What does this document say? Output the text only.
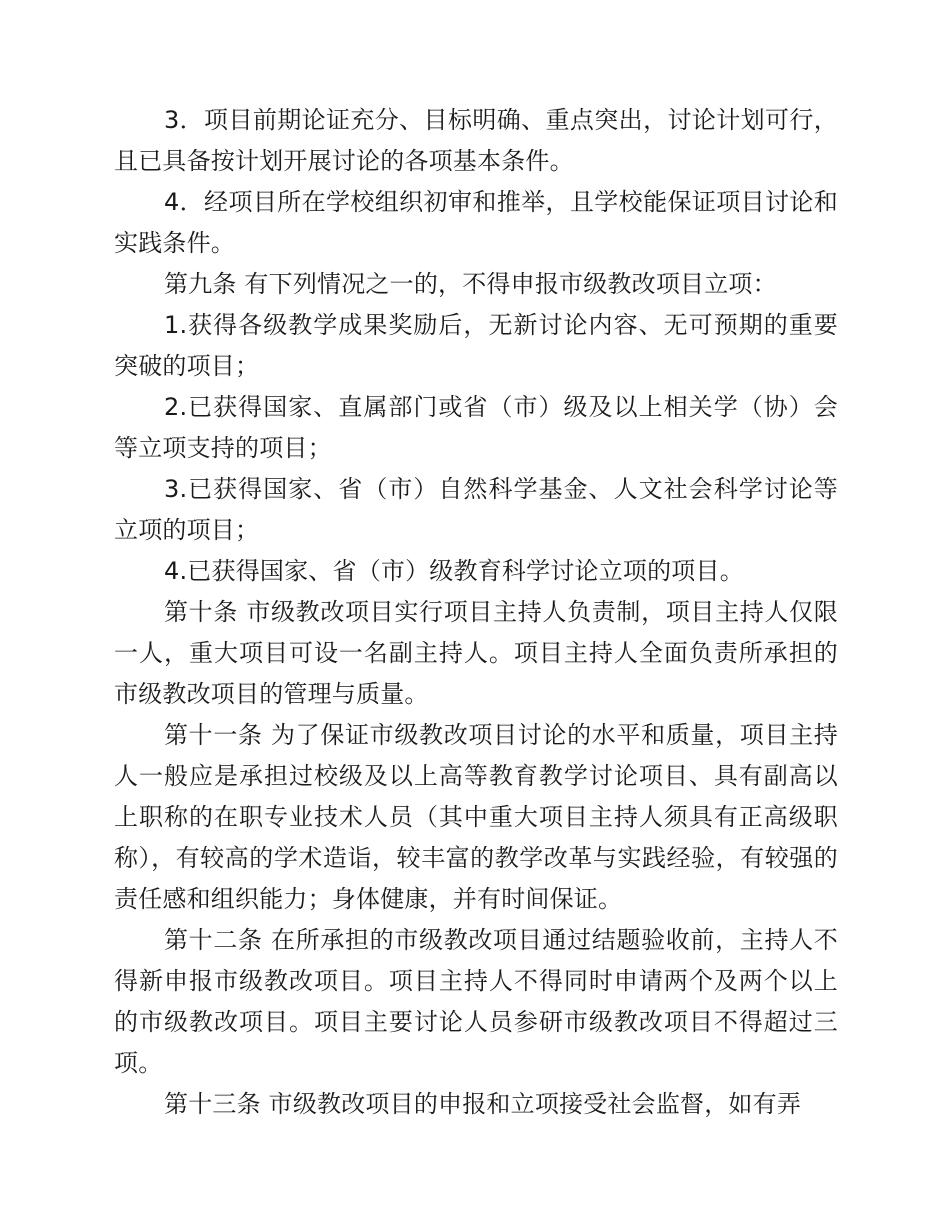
3．项目前期论证充分、目标明确、重点突出，讨论计划可行，且已具备按计划开展讨论的各项基本条件。

4．经项目所在学校组织初审和推举，且学校能保证项目讨论和实践条件。

第九条 有下列情况之一的，不得申报市级教改项目立项：

1.获得各级教学成果奖励后，无新讨论内容、无可预期的重要突破的项目；

2.已获得国家、直属部门或省（市）级及以上相关学（协）会等立项支持的项目；

3.已获得国家、省（市）自然科学基金、人文社会科学讨论等立项的项目；

4.已获得国家、省（市）级教育科学讨论立项的项目。

第十条 市级教改项目实行项目主持人负责制，项目主持人仅限一人，重大项目可设一名副主持人。项目主持人全面负责所承担的市级教改项目的管理与质量。

第十一条 为了保证市级教改项目讨论的水平和质量，项目主持人一般应是承担过校级及以上高等教育教学讨论项目、具有副高以上职称的在职专业技术人员（其中重大项目主持人须具有正高级职称），有较高的学术造诣，较丰富的教学改革与实践经验，有较强的责任感和组织能力；身体健康，并有时间保证。

第十二条 在所承担的市级教改项目通过结题验收前，主持人不得新申报市级教改项目。项目主持人不得同时申请两个及两个以上的市级教改项目。项目主要讨论人员参研市级教改项目不得超过三项。

第十三条 市级教改项目的申报和立项接受社会监督，如有弄
